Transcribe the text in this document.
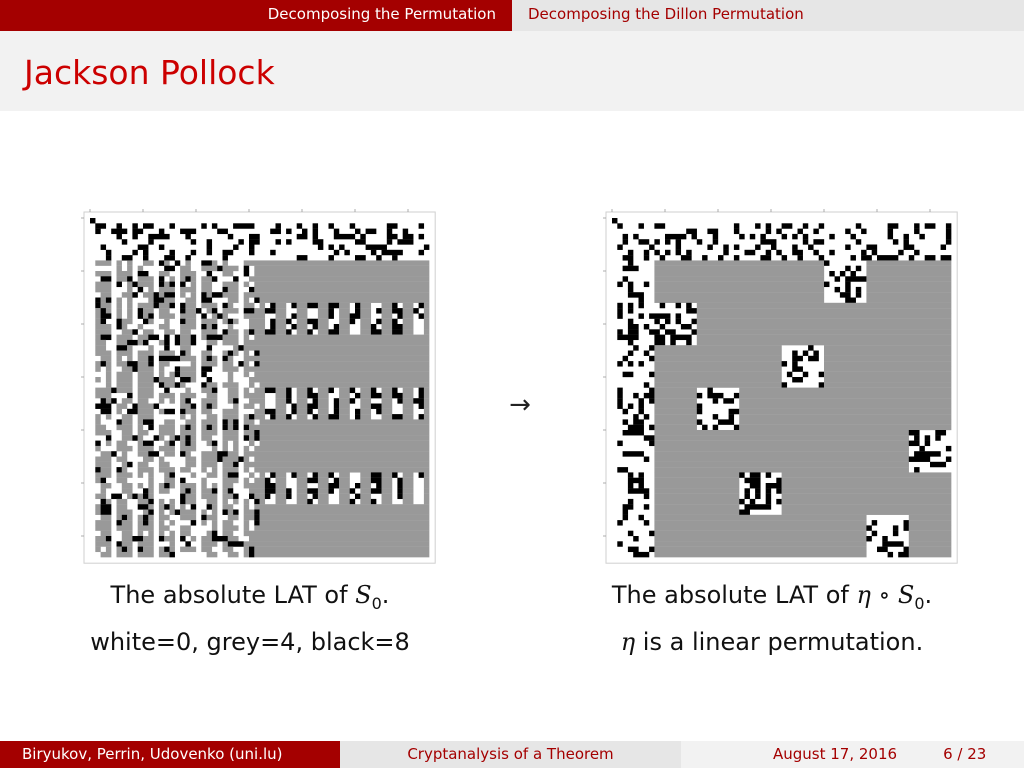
Decomposing the Permutation	Decomposing the Dillon Permutation
Jackson Pollock
→
The absolute LAT of $S_0$.
white=0, grey=4, black=8
The absolute LAT of η ∘ $S_0$.
η is a linear permutation.
Biryukov, Perrin, Udovenko (uni.lu)	Cryptanalysis of a Theorem	August 17, 2016	6 / 23
